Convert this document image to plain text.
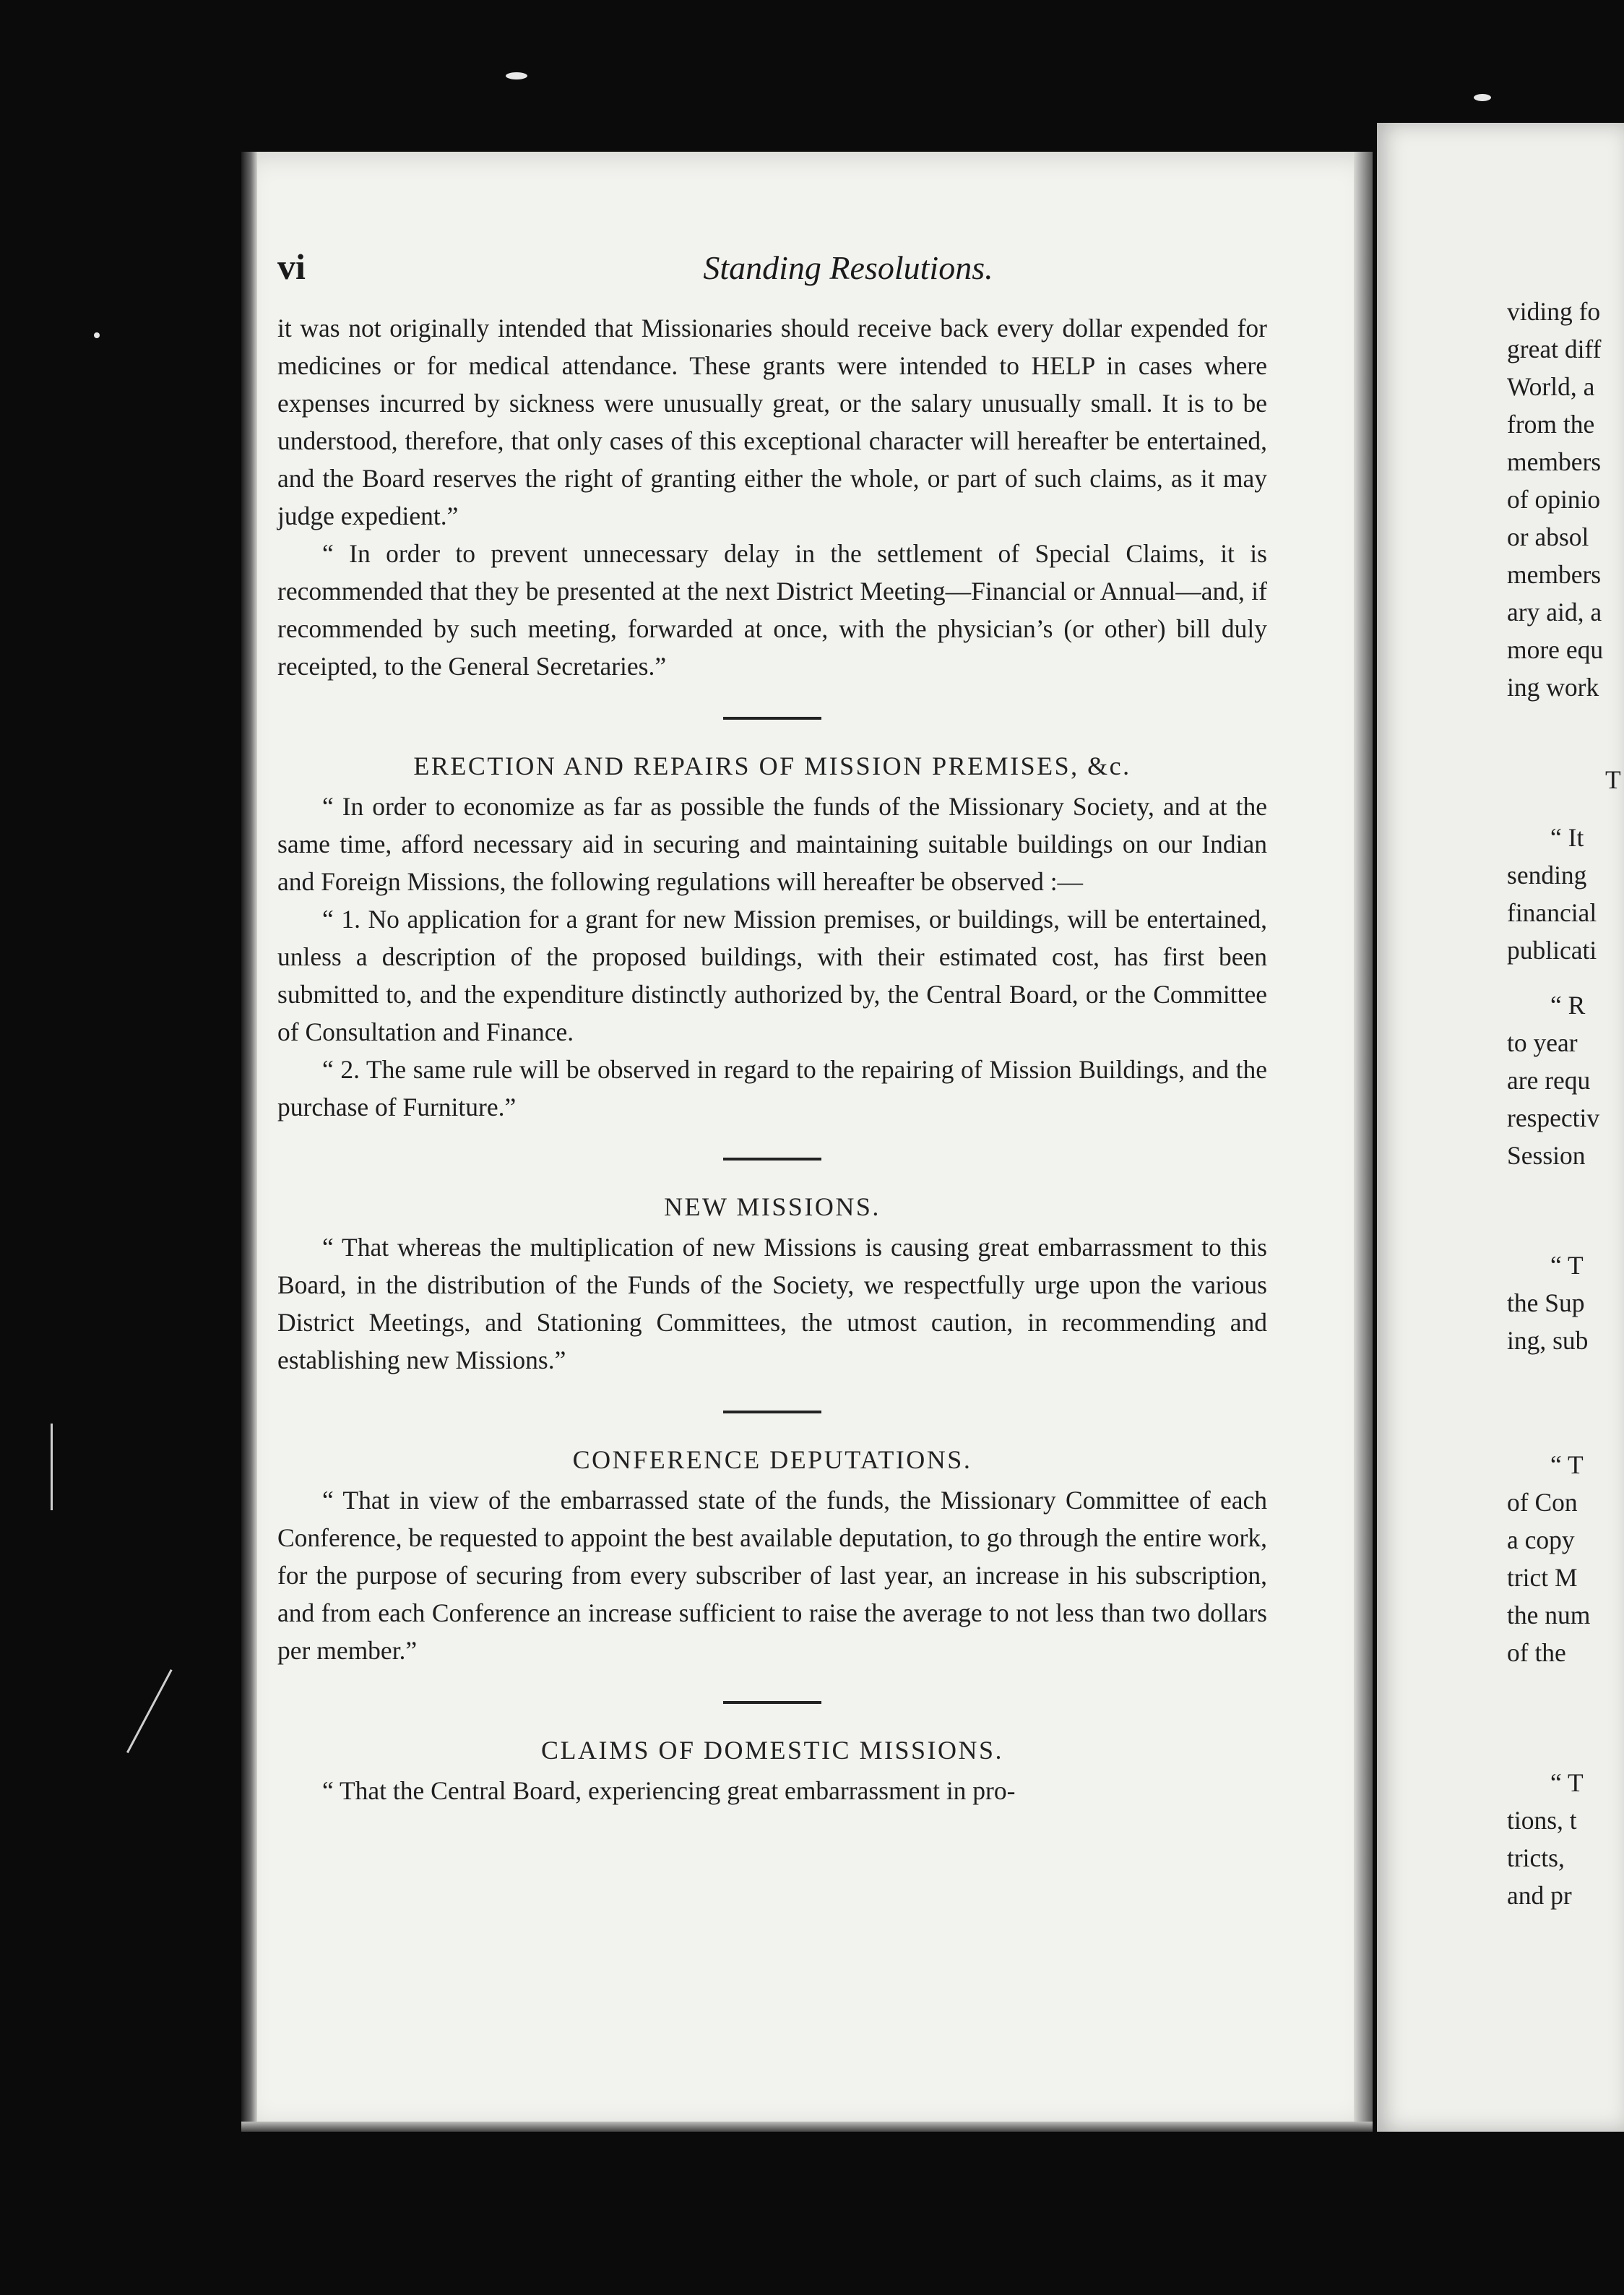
vi	Standing Resolutions.

it was not originally intended that Missionaries should receive back every dollar expended for medicines or for medical attendance. These grants were intended to HELP in cases where expenses incurred by sickness were unusually great, or the salary unusually small. It is to be understood, therefore, that only cases of this exceptional character will hereafter be entertained, and the Board reserves the right of granting either the whole, or part of such claims, as it may judge expedient.”

“ In order to prevent unnecessary delay in the settlement of Special Claims, it is recommended that they be presented at the next District Meeting—Financial or Annual—and, if recommended by such meeting, forwarded at once, with the physician’s (or other) bill duly receipted, to the General Secretaries.”

ERECTION AND REPAIRS OF MISSION PREMISES, &c.

“ In order to economize as far as possible the funds of the Missionary Society, and at the same time, afford necessary aid in securing and maintaining suitable buildings on our Indian and Foreign Missions, the following regulations will hereafter be observed :—

“ 1. No application for a grant for new Mission premises, or buildings, will be entertained, unless a description of the proposed buildings, with their estimated cost, has first been submitted to, and the expenditure distinctly authorized by, the Central Board, or the Committee of Consultation and Finance.

“ 2. The same rule will be observed in regard to the repairing of Mission Buildings, and the purchase of Furniture.”

NEW MISSIONS.

“ That whereas the multiplication of new Missions is causing great embarrassment to this Board, in the distribution of the Funds of the Society, we respectfully urge upon the various District Meetings, and Stationing Committees, the utmost caution, in recommending and establishing new Missions.”

CONFERENCE DEPUTATIONS.

“ That in view of the embarrassed state of the funds, the Missionary Committee of each Conference, be requested to appoint the best available deputation, to go through the entire work, for the purpose of securing from every subscriber of last year, an increase in his subscription, and from each Conference an increase sufficient to raise the average to not less than two dollars per member.”

CLAIMS OF DOMESTIC MISSIONS.

“ That the Central Board, experiencing great embarrassment in pro-

viding fo
great diff
World, a
from the
members
of opinio
or absol
members
ary aid, a
more equ
ing work
T
“ It
sending
financial
publicati
“ R
to year
are requ
respectiv
Session
“ T
the Sup
ing, sub
“ T
of Con
a copy
trict M
the num
of the
“ T
tions, t
tricts,
and pr
